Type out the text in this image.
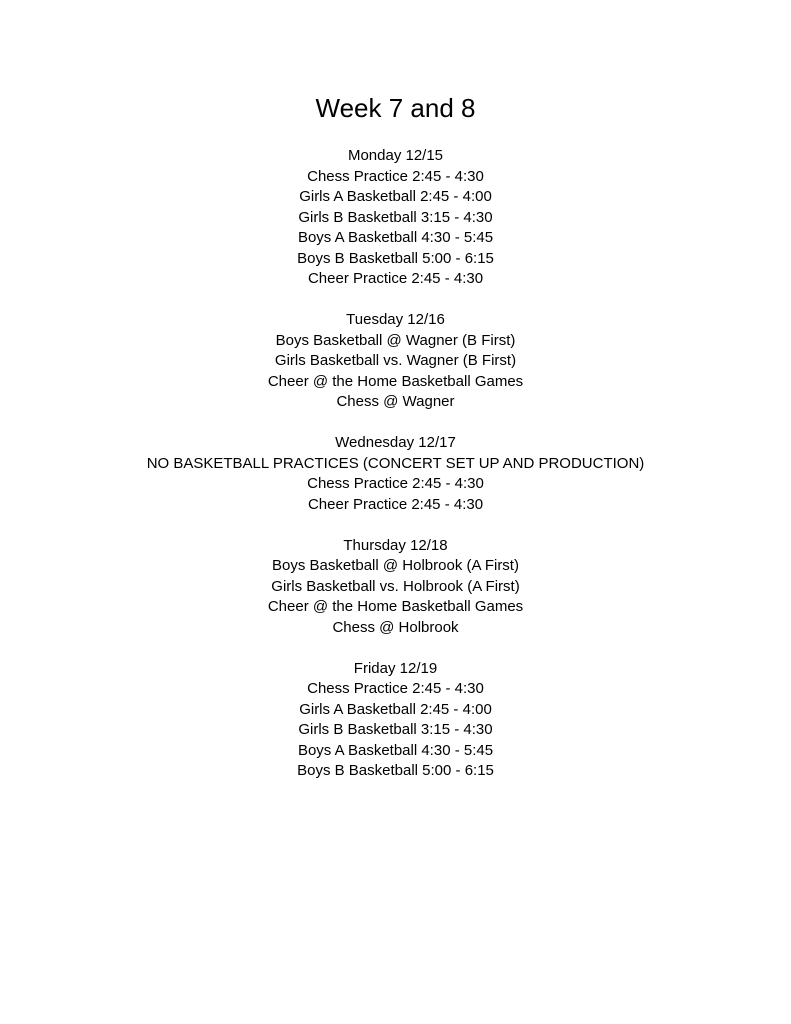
Week 7 and 8
Monday 12/15
Chess Practice 2:45 - 4:30
Girls A Basketball 2:45 - 4:00
Girls B Basketball 3:15 - 4:30
Boys A Basketball 4:30 - 5:45
Boys B Basketball 5:00 - 6:15
Cheer Practice 2:45 - 4:30
Tuesday 12/16
Boys Basketball @ Wagner (B First)
Girls Basketball vs. Wagner (B First)
Cheer @ the Home Basketball Games
Chess @ Wagner
Wednesday 12/17
NO BASKETBALL PRACTICES (CONCERT SET UP AND PRODUCTION)
Chess Practice 2:45 - 4:30
Cheer Practice 2:45 - 4:30
Thursday 12/18
Boys Basketball @ Holbrook (A First)
Girls Basketball vs. Holbrook (A First)
Cheer @ the Home Basketball Games
Chess @ Holbrook
Friday 12/19
Chess Practice 2:45 - 4:30
Girls A Basketball 2:45 - 4:00
Girls B Basketball 3:15 - 4:30
Boys A Basketball 4:30 - 5:45
Boys B Basketball 5:00 - 6:15
